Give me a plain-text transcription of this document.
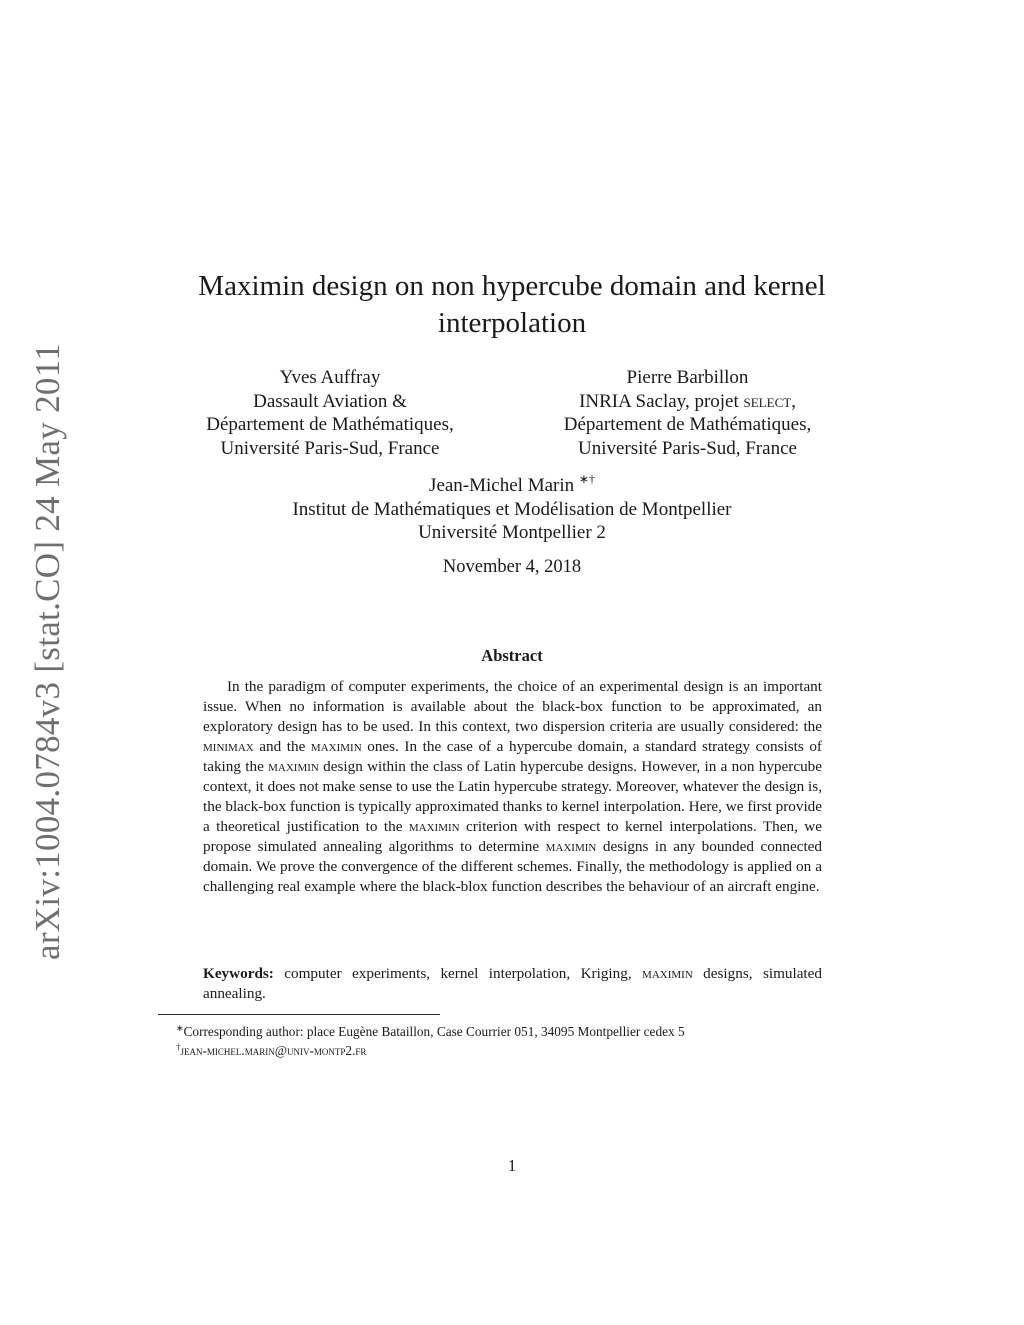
arXiv:1004.0784v3 [stat.CO] 24 May 2011
Maximin design on non hypercube domain and kernel interpolation
Yves Auffray
Dassault Aviation &
Département de Mathématiques,
Université Paris-Sud, France
Pierre Barbillon
INRIA Saclay, projet select,
Département de Mathématiques,
Université Paris-Sud, France
Jean-Michel Marin ∗†
Institut de Mathématiques et Modélisation de Montpellier
Université Montpellier 2
November 4, 2018
Abstract

In the paradigm of computer experiments, the choice of an experimental design is an important issue. When no information is available about the black-box function to be approximated, an exploratory design has to be used. In this context, two dispersion criteria are usually considered: the minimax and the maximin ones. In the case of a hypercube domain, a standard strategy consists of taking the maximin design within the class of Latin hypercube designs. However, in a non hypercube context, it does not make sense to use the Latin hypercube strategy. Moreover, whatever the design is, the black-box function is typically approximated thanks to kernel interpolation. Here, we first provide a theoretical justification to the maximin criterion with respect to kernel interpolations. Then, we propose simulated annealing algorithms to determine maximin designs in any bounded connected domain. We prove the convergence of the different schemes. Finally, the methodology is applied on a challenging real example where the black-blox function describes the behaviour of an aircraft engine.

Keywords: computer experiments, kernel interpolation, Kriging, maximin designs, simulated annealing.

∗Corresponding author: place Eugène Bataillon, Case Courrier 051, 34095 Montpellier cedex 5
†jean-michel.marin@univ-montp2.fr
1
